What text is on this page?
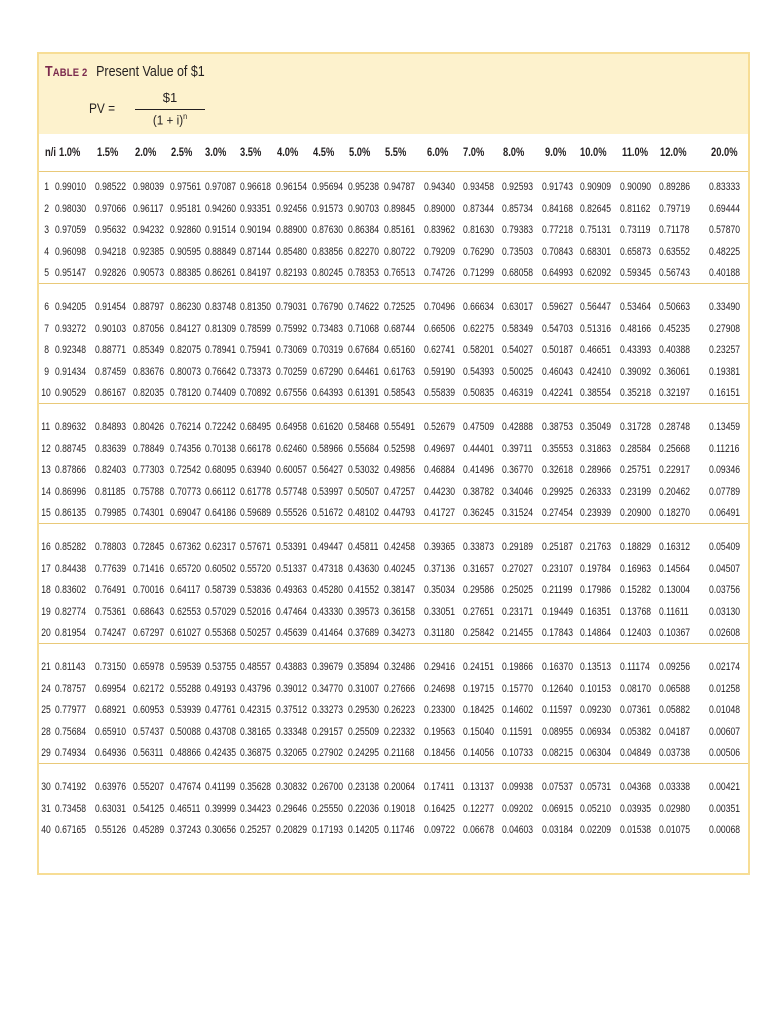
TABLE 2 Present Value of $1
PV =
$1
$(1 + i)^n$
n/i 1.0% 1.5% 2.0% 2.5% 3.0% 3.5% 4.0% 4.5% 5.0% 5.5% 6.0% 7.0% 8.0% 9.0% 10.0% 11.0% 12.0% 20.0%
1 0.99010 0.98522 0.98039 0.97561 0.97087 0.96618 0.96154 0.95694 0.95238 0.94787 0.94340 0.93458 0.92593 0.91743 0.90909 0.90090 0.89286 0.83333
2 0.98030 0.97066 0.96117 0.95181 0.94260 0.93351 0.92456 0.91573 0.90703 0.89845 0.89000 0.87344 0.85734 0.84168 0.82645 0.81162 0.79719 0.69444
3 0.97059 0.95632 0.94232 0.92860 0.91514 0.90194 0.88900 0.87630 0.86384 0.85161 0.83962 0.81630 0.79383 0.77218 0.75131 0.73119 0.71178 0.57870
4 0.96098 0.94218 0.92385 0.90595 0.88849 0.87144 0.85480 0.83856 0.82270 0.80722 0.79209 0.76290 0.73503 0.70843 0.68301 0.65873 0.63552 0.48225
5 0.95147 0.92826 0.90573 0.88385 0.86261 0.84197 0.82193 0.80245 0.78353 0.76513 0.74726 0.71299 0.68058 0.64993 0.62092 0.59345 0.56743 0.40188
6 0.94205 0.91454 0.88797 0.86230 0.83748 0.81350 0.79031 0.76790 0.74622 0.72525 0.70496 0.66634 0.63017 0.59627 0.56447 0.53464 0.50663 0.33490
7 0.93272 0.90103 0.87056 0.84127 0.81309 0.78599 0.75992 0.73483 0.71068 0.68744 0.66506 0.62275 0.58349 0.54703 0.51316 0.48166 0.45235 0.27908
8 0.92348 0.88771 0.85349 0.82075 0.78941 0.75941 0.73069 0.70319 0.67684 0.65160 0.62741 0.58201 0.54027 0.50187 0.46651 0.43393 0.40388 0.23257
9 0.91434 0.87459 0.83676 0.80073 0.76642 0.73373 0.70259 0.67290 0.64461 0.61763 0.59190 0.54393 0.50025 0.46043 0.42410 0.39092 0.36061 0.19381
10 0.90529 0.86167 0.82035 0.78120 0.74409 0.70892 0.67556 0.64393 0.61391 0.58543 0.55839 0.50835 0.46319 0.42241 0.38554 0.35218 0.32197 0.16151
11 0.89632 0.84893 0.80426 0.76214 0.72242 0.68495 0.64958 0.61620 0.58468 0.55491 0.52679 0.47509 0.42888 0.38753 0.35049 0.31728 0.28748 0.13459
12 0.88745 0.83639 0.78849 0.74356 0.70138 0.66178 0.62460 0.58966 0.55684 0.52598 0.49697 0.44401 0.39711 0.35553 0.31863 0.28584 0.25668 0.11216
13 0.87866 0.82403 0.77303 0.72542 0.68095 0.63940 0.60057 0.56427 0.53032 0.49856 0.46884 0.41496 0.36770 0.32618 0.28966 0.25751 0.22917 0.09346
14 0.86996 0.81185 0.75788 0.70773 0.66112 0.61778 0.57748 0.53997 0.50507 0.47257 0.44230 0.38782 0.34046 0.29925 0.26333 0.23199 0.20462 0.07789
15 0.86135 0.79985 0.74301 0.69047 0.64186 0.59689 0.55526 0.51672 0.48102 0.44793 0.41727 0.36245 0.31524 0.27454 0.23939 0.20900 0.18270 0.06491
16 0.85282 0.78803 0.72845 0.67362 0.62317 0.57671 0.53391 0.49447 0.45811 0.42458 0.39365 0.33873 0.29189 0.25187 0.21763 0.18829 0.16312 0.05409
17 0.84438 0.77639 0.71416 0.65720 0.60502 0.55720 0.51337 0.47318 0.43630 0.40245 0.37136 0.31657 0.27027 0.23107 0.19784 0.16963 0.14564 0.04507
18 0.83602 0.76491 0.70016 0.64117 0.58739 0.53836 0.49363 0.45280 0.41552 0.38147 0.35034 0.29586 0.25025 0.21199 0.17986 0.15282 0.13004 0.03756
19 0.82774 0.75361 0.68643 0.62553 0.57029 0.52016 0.47464 0.43330 0.39573 0.36158 0.33051 0.27651 0.23171 0.19449 0.16351 0.13768 0.11611 0.03130
20 0.81954 0.74247 0.67297 0.61027 0.55368 0.50257 0.45639 0.41464 0.37689 0.34273 0.31180 0.25842 0.21455 0.17843 0.14864 0.12403 0.10367 0.02608
21 0.81143 0.73150 0.65978 0.59539 0.53755 0.48557 0.43883 0.39679 0.35894 0.32486 0.29416 0.24151 0.19866 0.16370 0.13513 0.11174 0.09256 0.02174
24 0.78757 0.69954 0.62172 0.55288 0.49193 0.43796 0.39012 0.34770 0.31007 0.27666 0.24698 0.19715 0.15770 0.12640 0.10153 0.08170 0.06588 0.01258
25 0.77977 0.68921 0.60953 0.53939 0.47761 0.42315 0.37512 0.33273 0.29530 0.26223 0.23300 0.18425 0.14602 0.11597 0.09230 0.07361 0.05882 0.01048
28 0.75684 0.65910 0.57437 0.50088 0.43708 0.38165 0.33348 0.29157 0.25509 0.22332 0.19563 0.15040 0.11591 0.08955 0.06934 0.05382 0.04187 0.00607
29 0.74934 0.64936 0.56311 0.48866 0.42435 0.36875 0.32065 0.27902 0.24295 0.21168 0.18456 0.14056 0.10733 0.08215 0.06304 0.04849 0.03738 0.00506
30 0.74192 0.63976 0.55207 0.47674 0.41199 0.35628 0.30832 0.26700 0.23138 0.20064 0.17411 0.13137 0.09938 0.07537 0.05731 0.04368 0.03338 0.00421
31 0.73458 0.63031 0.54125 0.46511 0.39999 0.34423 0.29646 0.25550 0.22036 0.19018 0.16425 0.12277 0.09202 0.06915 0.05210 0.03935 0.02980 0.00351
40 0.67165 0.55126 0.45289 0.37243 0.30656 0.25257 0.20829 0.17193 0.14205 0.11746 0.09722 0.06678 0.04603 0.03184 0.02209 0.01538 0.01075 0.00068
